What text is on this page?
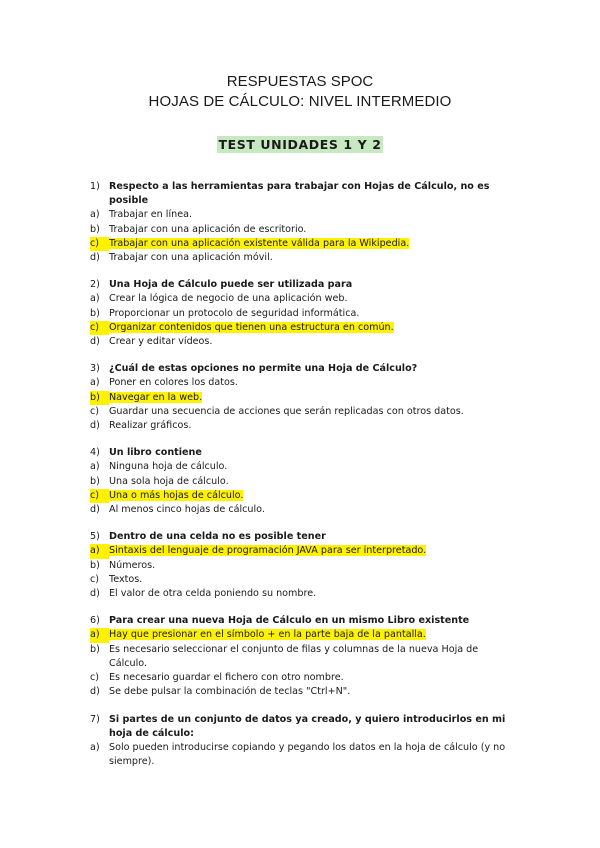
RESPUESTAS SPOC
HOJAS DE CÁLCULO: NIVEL INTERMEDIO
TEST UNIDADES 1 Y 2
1) Respecto a las herramientas para trabajar con Hojas de Cálculo, no es posible
a) Trabajar en línea.
b) Trabajar con una aplicación de escritorio.
c)	Trabajar con una aplicación existente válida para la Wikipedia.
d) Trabajar con una aplicación móvil.
2) Una Hoja de Cálculo puede ser utilizada para
a) Crear la lógica de negocio de una aplicación web.
b) Proporcionar un protocolo de seguridad informática.
c)	Organizar contenidos que tienen una estructura en común.
d) Crear y editar vídeos.
3) ¿Cuál de estas opciones no permite una Hoja de Cálculo?
a) Poner en colores los datos.
b) Navegar en la web.
c)	Guardar una secuencia de acciones que serán replicadas con otros datos.
d) Realizar gráficos.
4) Un libro contiene
a) Ninguna hoja de cálculo.
b) Una sola hoja de cálculo.
c)	Una o más hojas de cálculo.
d) Al menos cinco hojas de cálculo.
5) Dentro de una celda no es posible tener
a) Sintaxis del lenguaje de programación JAVA para ser interpretado.
b) Números.
c)	Textos.
d) El valor de otra celda poniendo su nombre.
6) Para crear una nueva Hoja de Cálculo en un mismo Libro existente
a) Hay que presionar en el símbolo + en la parte baja de la pantalla.
b) Es necesario seleccionar el conjunto de filas y columnas de la nueva Hoja de Cálculo.
c)	Es necesario guardar el fichero con otro nombre.
d) Se debe pulsar la combinación de teclas "Ctrl+N".
7) Si partes de un conjunto de datos ya creado, y quiero introducirlos en mi hoja de cálculo:
a) Solo pueden introducirse copiando y pegando los datos en la hoja de cálculo (y no siempre).
